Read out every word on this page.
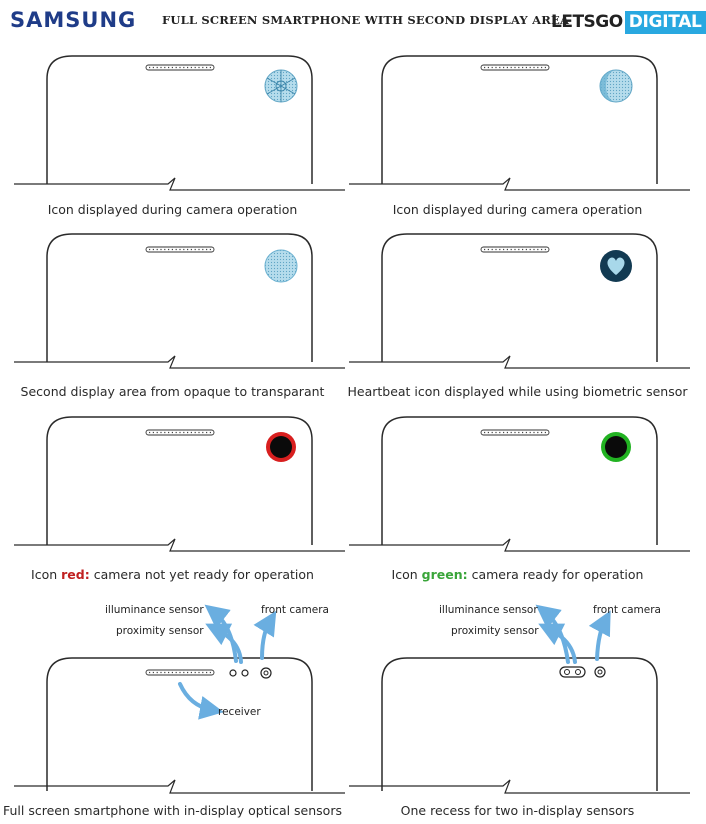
SAMSUNG FULL SCREEN SMARTPHONE WITH SECOND DISPLAY AREA
LETSGO DIGITAL
Icon displayed during camera operation	Icon displayed during camera operation
Second display area from opaque to transparant	Heartbeat icon displayed while using biometric sensor
Icon red: camera not yet ready for operation	Icon green: camera ready for operation
illuminance sensor
proximity sensor
front camera
receiver
Full screen smartphone with in-display optical sensors
illuminance sensor
proximity sensor
front camera
One recess for two in-display sensors
